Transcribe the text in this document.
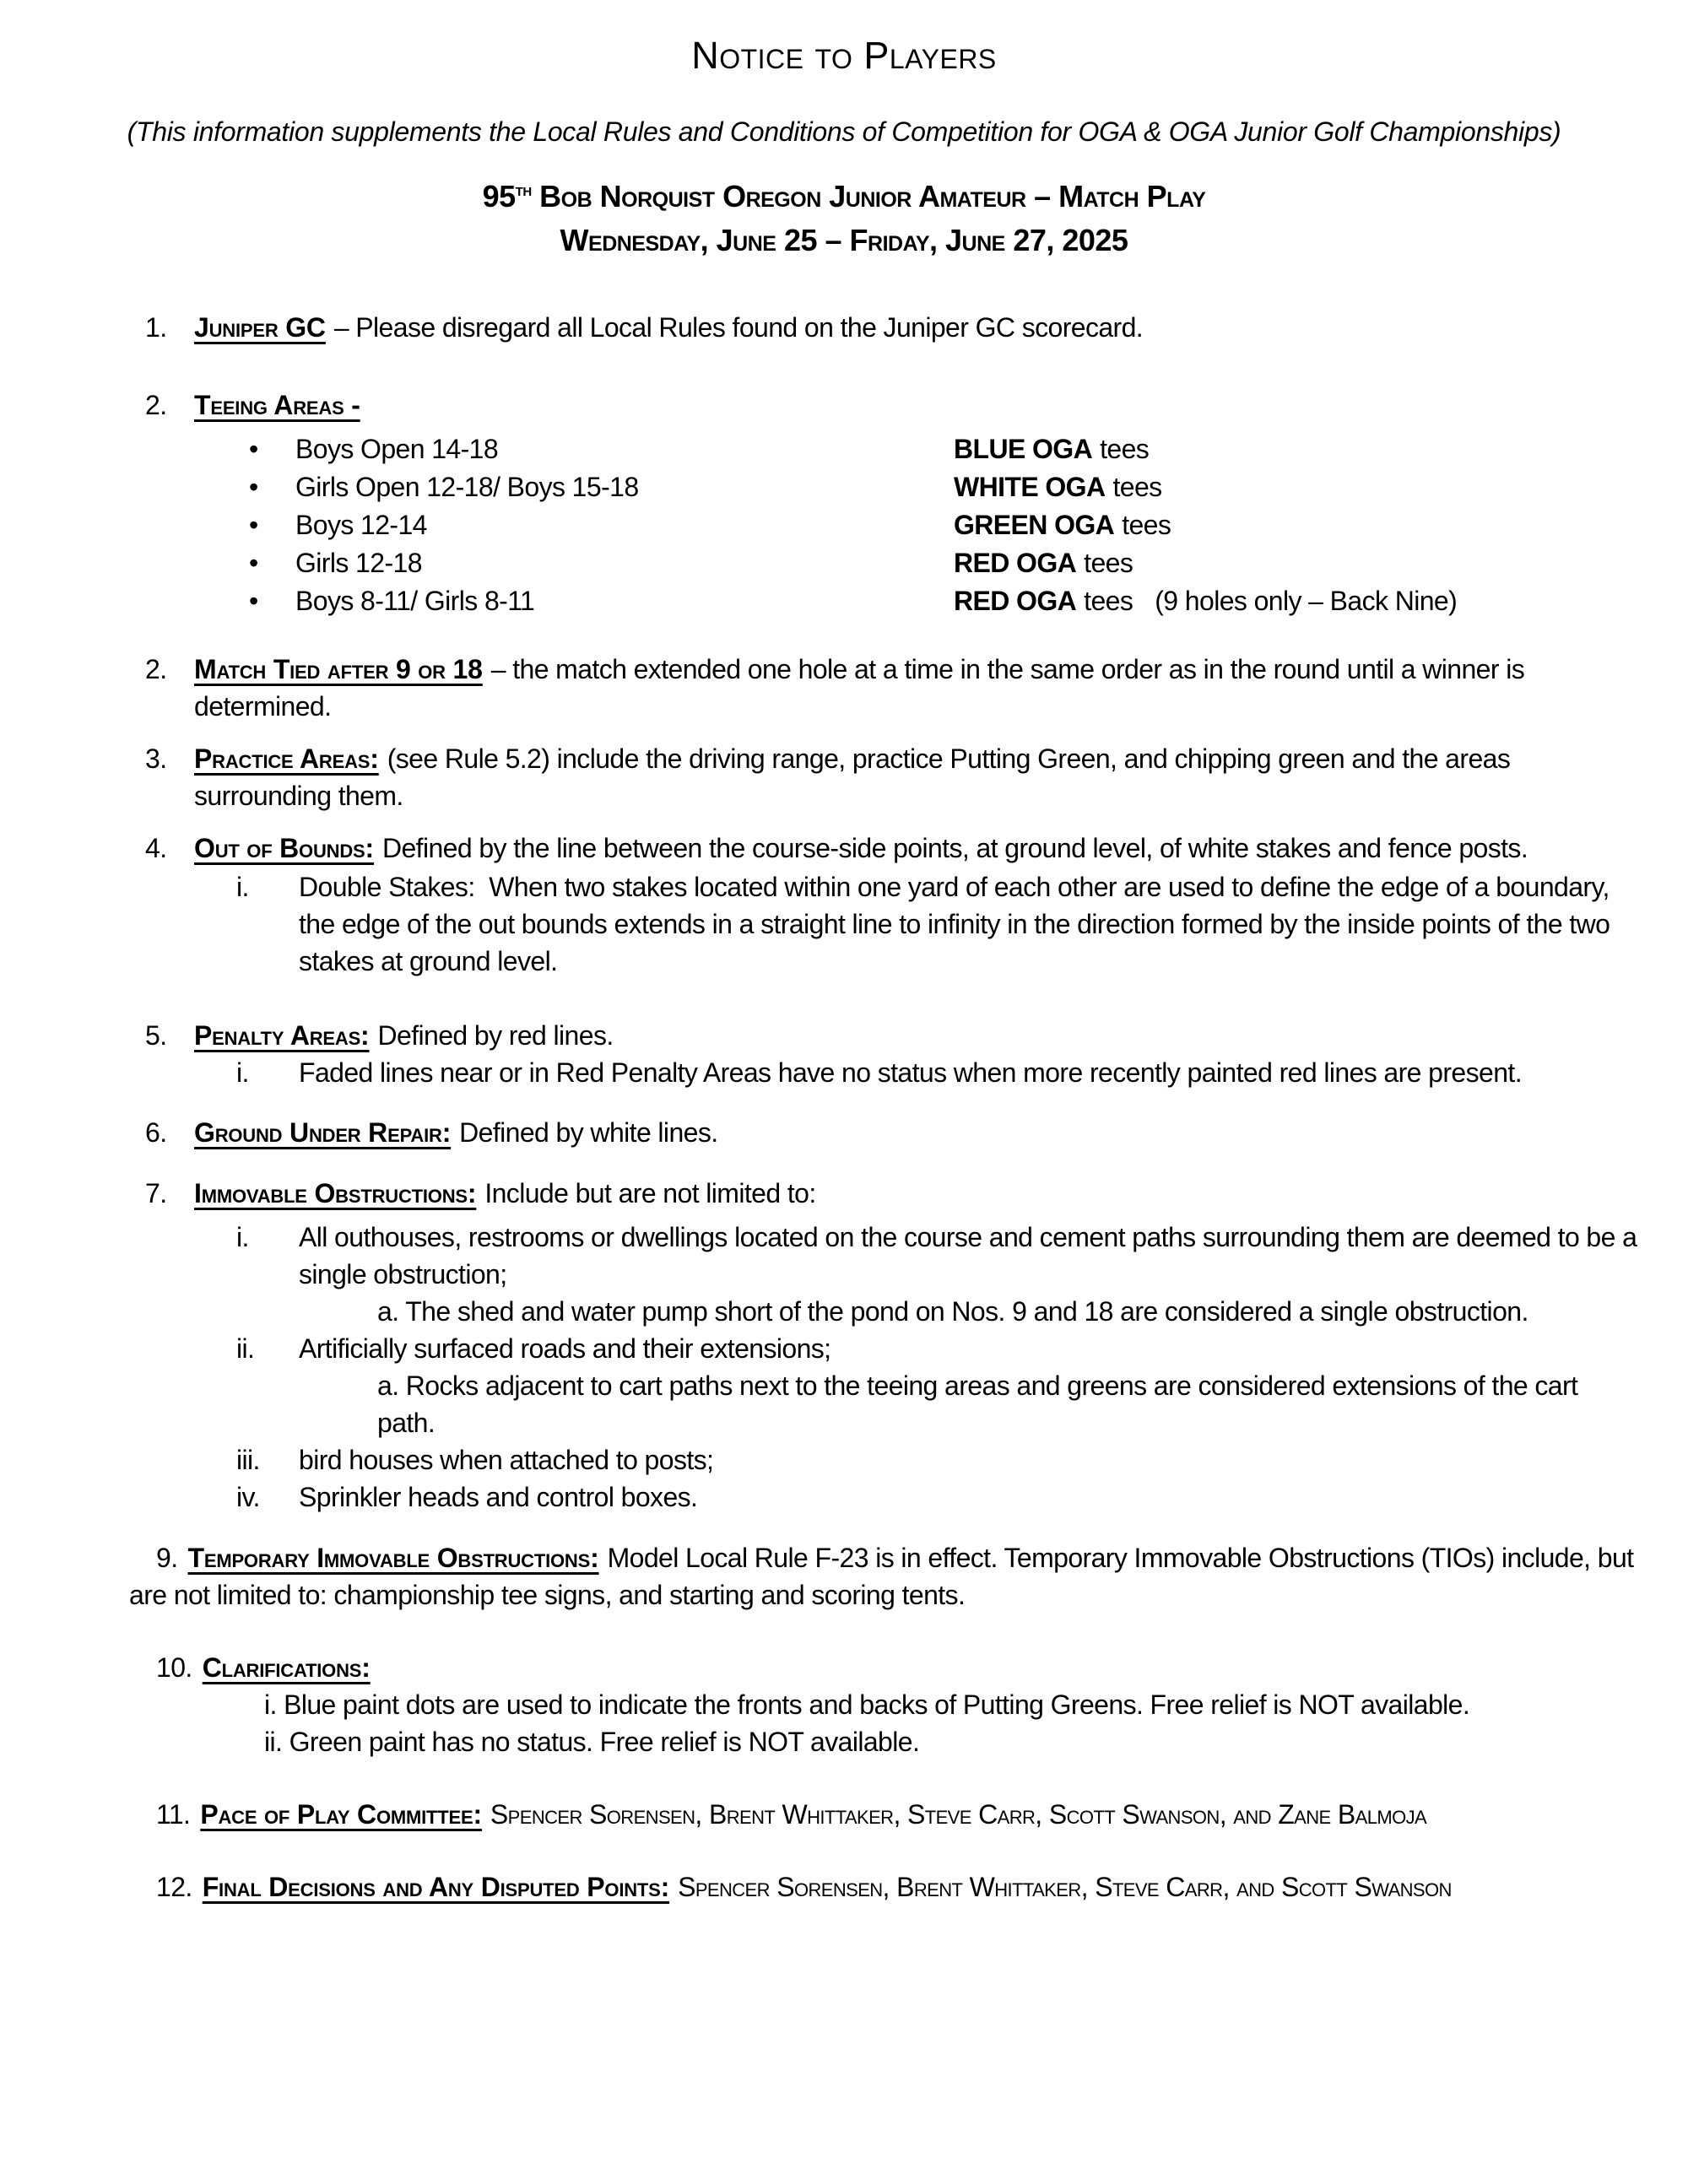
Notice to Players

(This information supplements the Local Rules and Conditions of Competition for OGA & OGA Junior Golf Championships)

95th Bob Norquist Oregon Junior Amateur – Match Play

Wednesday, June 25 – Friday, June 27, 2025

1.	Juniper GC – Please disregard all Local Rules found on the Juniper GC scorecard.
2.	Teeing Areas -
• Boys Open 14-18	BLUE OGA tees
• Girls Open 12-18/ Boys 15-18	WHITE OGA tees
• Boys 12-14	GREEN OGA tees
• Girls 12-18	RED OGA tees
• Boys 8-11/ Girls 8-11	RED OGA tees (9 holes only – Back Nine)
2.	Match Tied after 9 or 18 – the match extended one hole at a time in the same order as in the round until a winner is determined.
3.	Practice Areas: (see Rule 5.2) include the driving range, practice Putting Green, and chipping green and the areas surrounding them.
4.	Out of Bounds: Defined by the line between the course-side points, at ground level, of white stakes and fence posts.
i.	Double Stakes:  When two stakes located within one yard of each other are used to define the edge of a boundary, the edge of the out bounds extends in a straight line to infinity in the direction formed by the inside points of the two stakes at ground level.
5.	Penalty Areas: Defined by red lines.
i.	Faded lines near or in Red Penalty Areas have no status when more recently painted red lines are present.
6.	Ground Under Repair: Defined by white lines.
7.	Immovable Obstructions: Include but are not limited to:
i.	All outhouses, restrooms or dwellings located on the course and cement paths surrounding them are deemed to be a single obstruction;
a. The shed and water pump short of the pond on Nos. 9 and 18 are considered a single obstruction.
ii.	Artificially surfaced roads and their extensions;
a. Rocks adjacent to cart paths next to the teeing areas and greens are considered extensions of the cart path.
iii.	bird houses when attached to posts;
iv.	Sprinkler heads and control boxes.

9. Temporary Immovable Obstructions: Model Local Rule F-23 is in effect. Temporary Immovable Obstructions (TIOs) include, but are not limited to: championship tee signs, and starting and scoring tents.

10. Clarifications:

i. Blue paint dots are used to indicate the fronts and backs of Putting Greens. Free relief is NOT available.

ii. Green paint has no status. Free relief is NOT available.

11. Pace of Play Committee: Spencer Sorensen, Brent Whittaker, Steve Carr, Scott Swanson, and Zane Balmoja

12. Final Decisions and Any Disputed Points: Spencer Sorensen, Brent Whittaker, Steve Carr, and Scott Swanson
